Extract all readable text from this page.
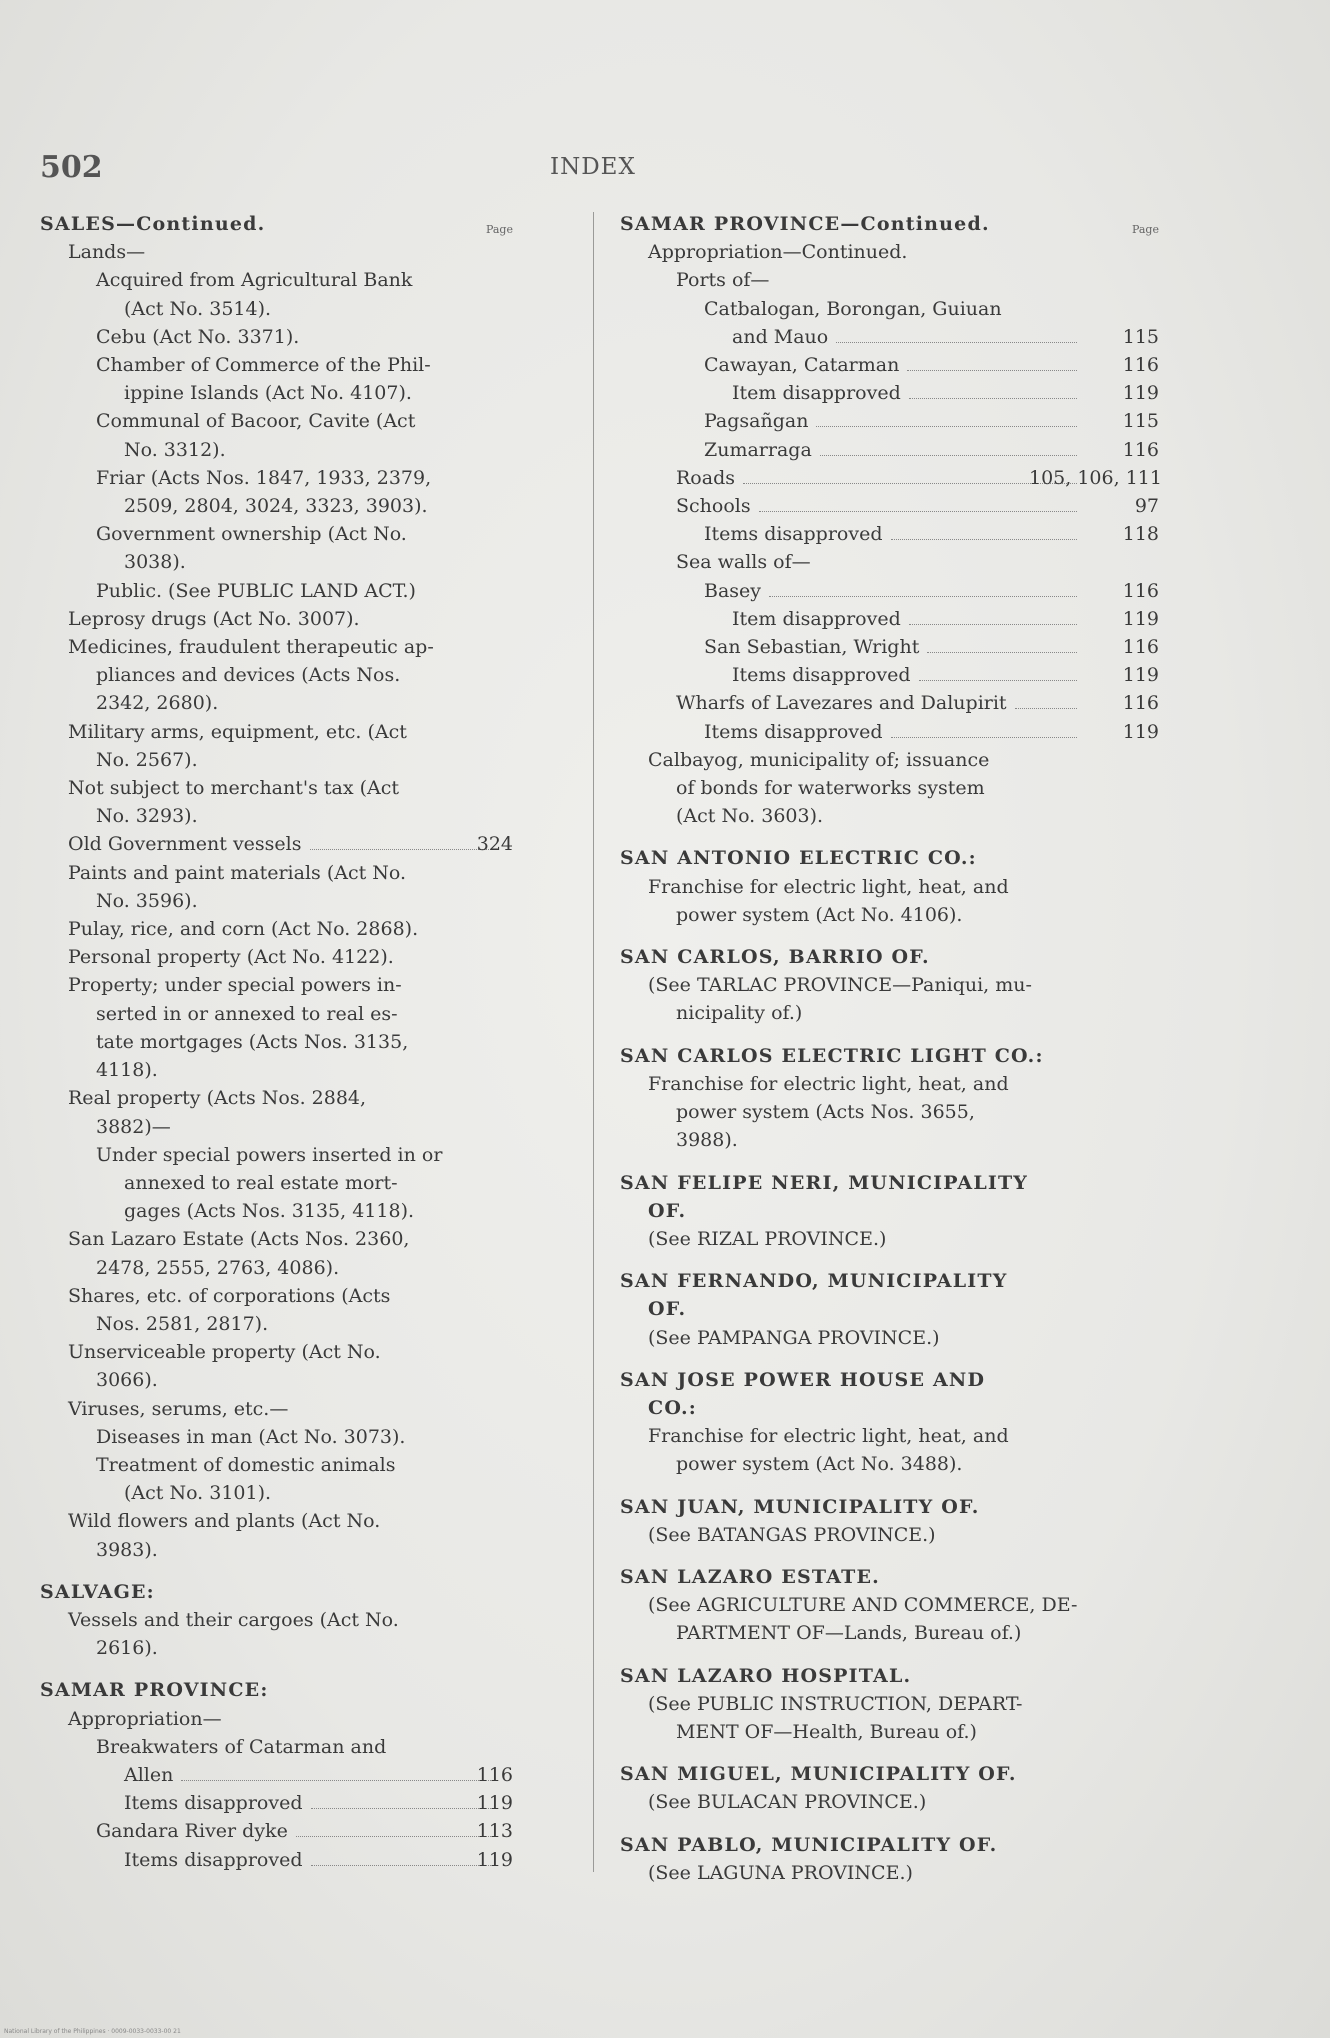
502	INDEX
Page
SALES—Continued.
Lands—
Acquired from Agricultural Bank
(Act No. 3514).
Cebu (Act No. 3371).
Chamber of Commerce of the Phil-
ippine Islands (Act No. 4107).
Communal of Bacoor, Cavite (Act
No. 3312).
Friar (Acts Nos. 1847, 1933, 2379,
2509, 2804, 3024, 3323, 3903).
Government ownership (Act No.
3038).
Public. (See PUBLIC LAND ACT.)
Leprosy drugs (Act No. 3007).
Medicines, fraudulent therapeutic ap-
pliances and devices (Acts Nos.
2342, 2680).
Military arms, equipment, etc. (Act
No. 2567).
Not subject to merchant's tax (Act
No. 3293).
Old Government vessels	324
Paints and paint materials (Act No.
No. 3596).
Pulay, rice, and corn (Act No. 2868).
Personal property (Act No. 4122).
Property; under special powers in-
serted in or annexed to real es-
tate mortgages (Acts Nos. 3135,
4118).
Real property (Acts Nos. 2884,
3882)—
Under special powers inserted in or
annexed to real estate mort-
gages (Acts Nos. 3135, 4118).
San Lazaro Estate (Acts Nos. 2360,
2478, 2555, 2763, 4086).
Shares, etc. of corporations (Acts
Nos. 2581, 2817).
Unserviceable property (Act No.
3066).
Viruses, serums, etc.—
Diseases in man (Act No. 3073).
Treatment of domestic animals
(Act No. 3101).
Wild flowers and plants (Act No.
3983).
SALVAGE:
Vessels and their cargoes (Act No.
2616).
SAMAR PROVINCE:
Appropriation—
Breakwaters of Catarman and
Allen	116
Items disapproved	119
Gandara River dyke	113
Items disapproved	119
Page
SAMAR PROVINCE—Continued.
Appropriation—Continued.
Ports of—
Catbalogan, Borongan, Guiuan
and Mauo	115
Cawayan, Catarman	116
Item disapproved	119
Pagsañgan	115
Zumarraga	116
Roads	105, 106, 111
Schools	97
Items disapproved	118
Sea walls of—
Basey	116
Item disapproved	119
San Sebastian, Wright	116
Items disapproved	119
Wharfs of Lavezares and Dalupirit	116
Items disapproved	119
Calbayog, municipality of; issuance
of bonds for waterworks system
(Act No. 3603).
SAN ANTONIO ELECTRIC CO.:
Franchise for electric light, heat, and
power system (Act No. 4106).
SAN CARLOS, BARRIO OF.
(See TARLAC PROVINCE—Paniqui, mu-
nicipality of.)
SAN CARLOS ELECTRIC LIGHT CO.:
Franchise for electric light, heat, and
power system (Acts Nos. 3655,
3988).
SAN FELIPE NERI, MUNICIPALITY
OF.
(See RIZAL PROVINCE.)
SAN FERNANDO, MUNICIPALITY
OF.
(See PAMPANGA PROVINCE.)
SAN JOSE POWER HOUSE AND
CO.:
Franchise for electric light, heat, and
power system (Act No. 3488).
SAN JUAN, MUNICIPALITY OF.
(See BATANGAS PROVINCE.)
SAN LAZARO ESTATE.
(See AGRICULTURE AND COMMERCE, DE-
PARTMENT OF—Lands, Bureau of.)
SAN LAZARO HOSPITAL.
(See PUBLIC INSTRUCTION, DEPART-
MENT OF—Health, Bureau of.)
SAN MIGUEL, MUNICIPALITY OF.
(See BULACAN PROVINCE.)
SAN PABLO, MUNICIPALITY OF.
(See LAGUNA PROVINCE.)
National Library of the Philippines · 0009-0033-0033-00 21
